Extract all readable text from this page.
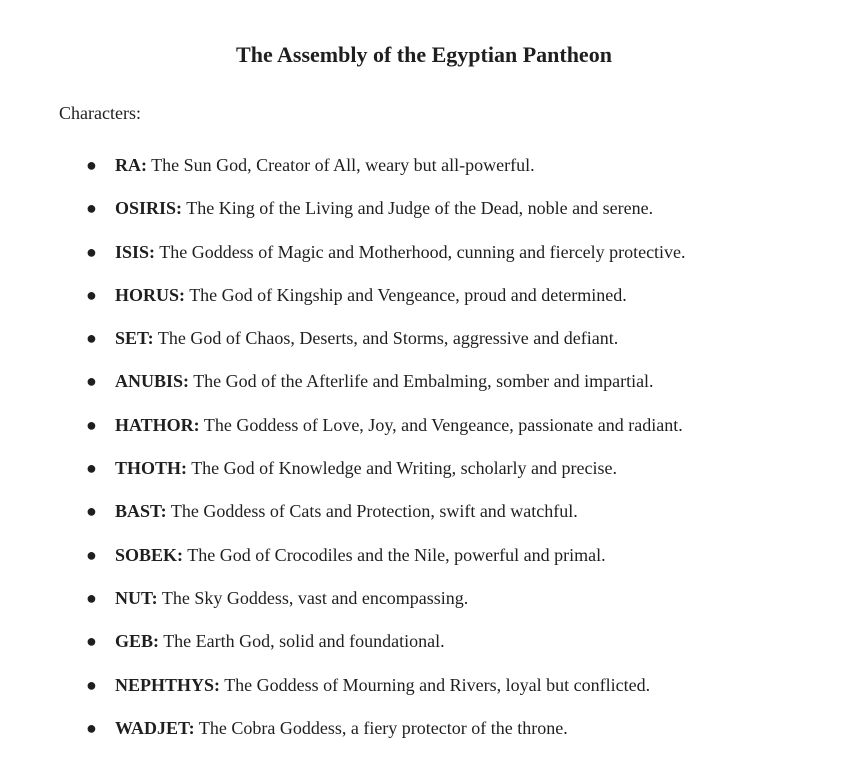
The Assembly of the Egyptian Pantheon

Characters:

● RA: The Sun God, Creator of All, weary but all-powerful.
● OSIRIS: The King of the Living and Judge of the Dead, noble and serene.
● ISIS: The Goddess of Magic and Motherhood, cunning and fiercely protective.
● HORUS: The God of Kingship and Vengeance, proud and determined.
● SET: The God of Chaos, Deserts, and Storms, aggressive and defiant.
● ANUBIS: The God of the Afterlife and Embalming, somber and impartial.
● HATHOR: The Goddess of Love, Joy, and Vengeance, passionate and radiant.
● THOTH: The God of Knowledge and Writing, scholarly and precise.
● BAST: The Goddess of Cats and Protection, swift and watchful.
● SOBEK: The God of Crocodiles and the Nile, powerful and primal.
● NUT: The Sky Goddess, vast and encompassing.
● GEB: The Earth God, solid and foundational.
● NEPHTHYS: The Goddess of Mourning and Rivers, loyal but conflicted.
● WADJET: The Cobra Goddess, a fiery protector of the throne.
